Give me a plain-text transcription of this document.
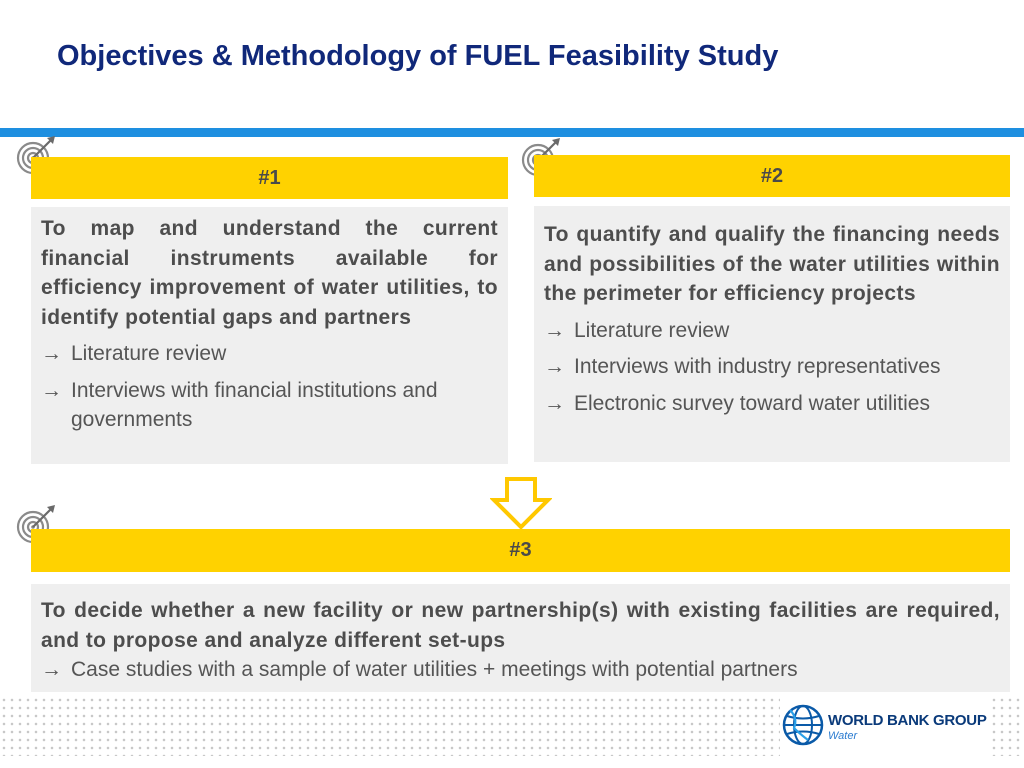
Objectives & Methodology of FUEL Feasibility Study
#1
To map and understand the current financial instruments available for efficiency improvement of water utilities, to identify potential gaps and partners
→ Literature review
→ Interviews with financial institutions and governments
#2
To quantify and qualify the financing needs and possibilities of the water utilities within the perimeter for efficiency projects
→ Literature review
→ Interviews with industry representatives
→ Electronic survey toward water utilities
#3
To decide whether a new facility or new partnership(s) with existing facilities are required, and to propose and analyze different set-ups
→ Case studies with a sample of water utilities + meetings with potential partners
WORLD BANK GROUP
Water
